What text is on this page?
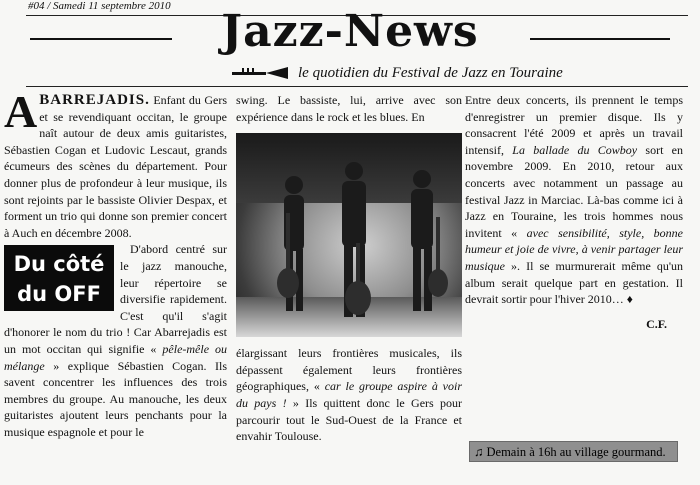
#04 / Samedi 11 septembre 2010	Jazz-News
le quotidien du Festival de Jazz en Touraine

A BARREJADIS. Enfant du Gers et se revendiquant occitan, le groupe naît autour de deux amis guitaristes, Sébastien Cogan et Ludovic Lescaut, grands écumeurs des scènes du département. Pour donner plus de profondeur à leur musique, ils sont rejoints par le bassiste Olivier Despax, et forment un trio qui donne son premier concert à Auch en décembre 2008.

Du côté
du OFF

D'abord centré sur le jazz manouche, leur répertoire se diversifie rapidement. C'est qu'il s'agit d'honorer le nom du trio ! Car Abarrejadis est un mot occitan qui signifie « pêle-mêle ou mélange » explique Sébastien Cogan. Ils savent concentrer les influences des trois membres du groupe. Au manouche, les deux guitaristes ajoutent leurs penchants pour la musique espagnole et pour le

swing. Le bassiste, lui, arrive avec son expérience dans le rock et les blues. En

élargissant leurs frontières musicales, ils dépassent également leurs frontières géographiques, « car le groupe aspire à voir du pays ! » Ils quittent donc le Gers pour parcourir tout le Sud-Ouest de la France et envahir Toulouse.

Entre deux concerts, ils prennent le temps d'enregistrer un premier disque. Ils y consacrent l'été 2009 et après un travail intensif, La ballade du Cowboy sort en novembre 2009. En 2010, retour aux concerts avec notamment un passage au festival Jazz in Marciac. Là-bas comme ici à Jazz en Touraine, les trois hommes nous invitent « avec sensibilité, style, bonne humeur et joie de vivre, à venir partager leur musique ». Il se murmurerait même qu'un album serait quelque part en gestation. Il devrait sortir pour l'hiver 2010… ♦

C.F.
♫ Demain à 16h au village gourmand.
